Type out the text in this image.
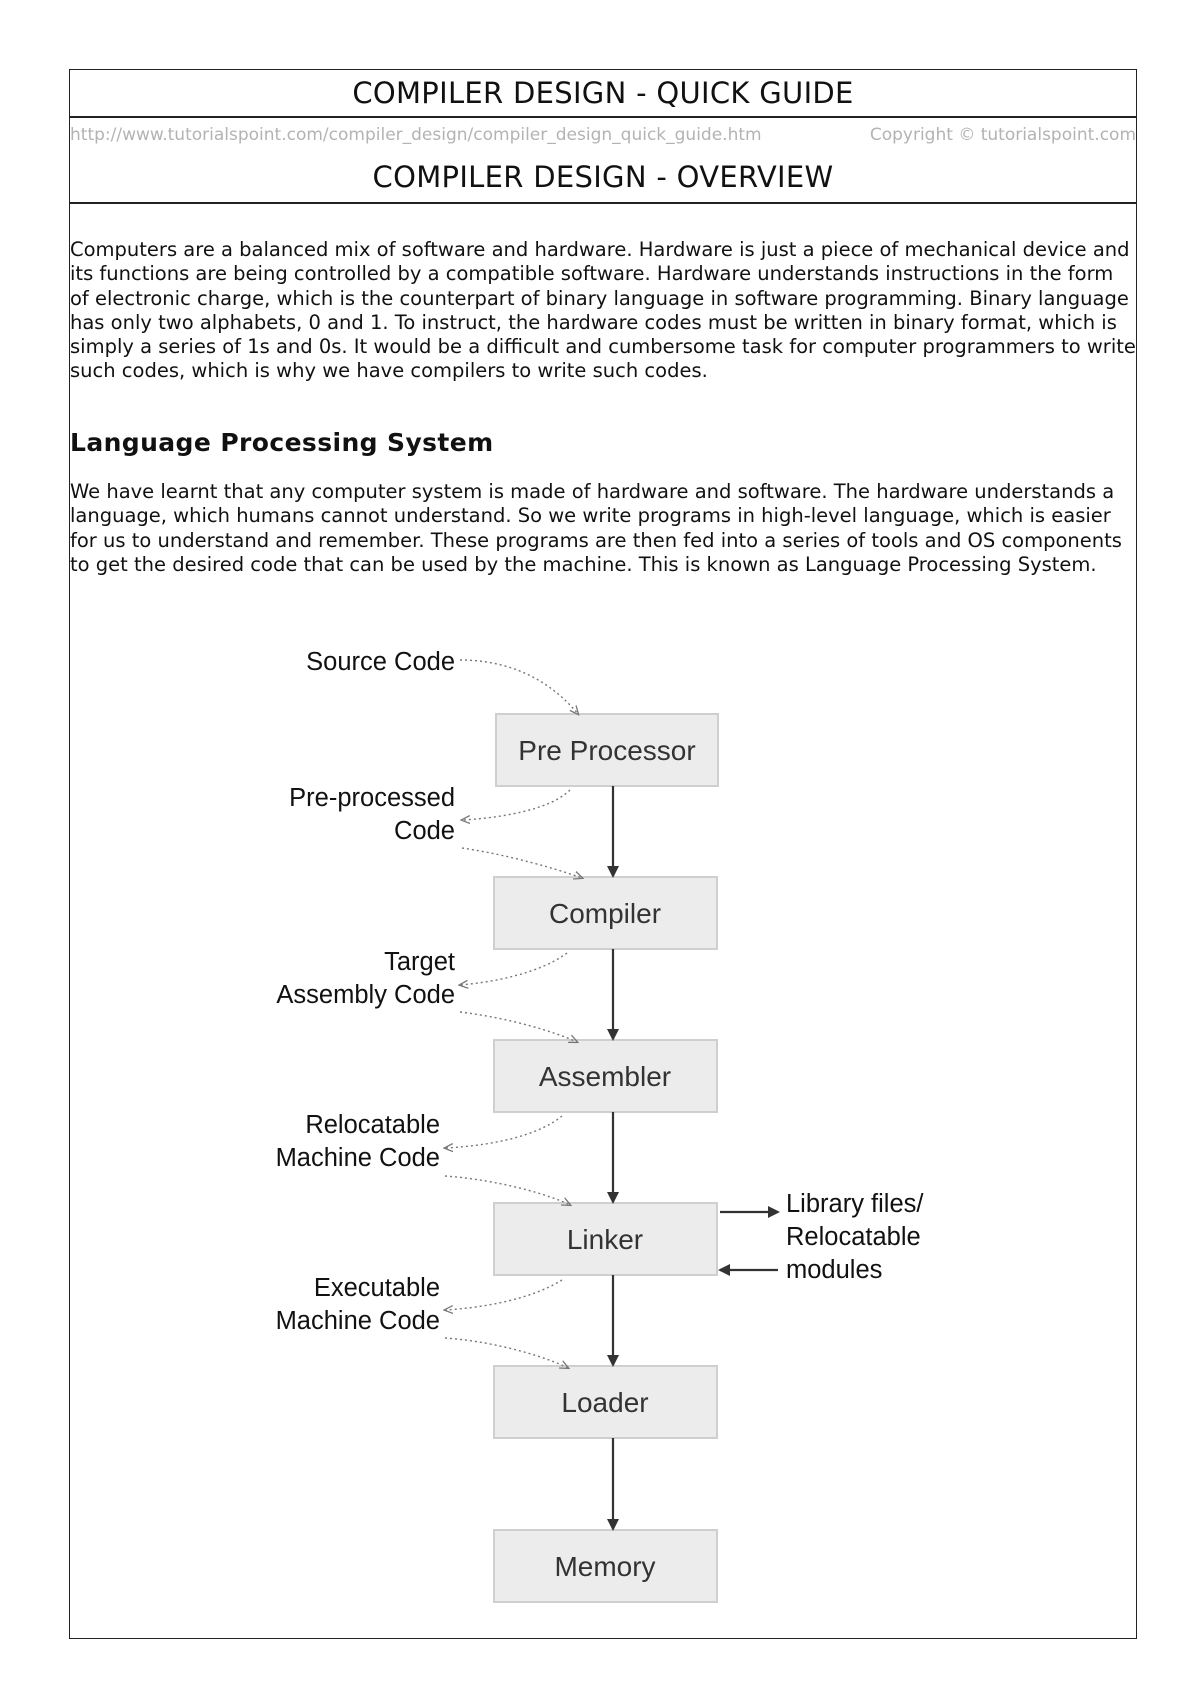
COMPILER DESIGN - QUICK GUIDE
http://www.tutorialspoint.com/compiler_design/compiler_design_quick_guide.htm	Copyright © tutorialspoint.com
COMPILER DESIGN - OVERVIEW

Computers are a balanced mix of software and hardware. Hardware is just a piece of mechanical device and its functions are being controlled by a compatible software. Hardware understands instructions in the form of electronic charge, which is the counterpart of binary language in software programming. Binary language has only two alphabets, 0 and 1. To instruct, the hardware codes must be written in binary format, which is simply a series of 1s and 0s. It would be a difficult and cumbersome task for computer programmers to write such codes, which is why we have compilers to write such codes.

Language Processing System

We have learnt that any computer system is made of hardware and software. The hardware understands a language, which humans cannot understand. So we write programs in high-level language, which is easier for us to understand and remember. These programs are then fed into a series of tools and OS components to get the desired code that can be used by the machine. This is known as Language Processing System.

Pre Processor
Compiler
Assembler
Linker
Loader
Memory
Source Code
Pre-processed
Code
Target
Assembly Code
Relocatable
Machine Code
Executable
Machine Code
Library files/
Relocatable
modules
